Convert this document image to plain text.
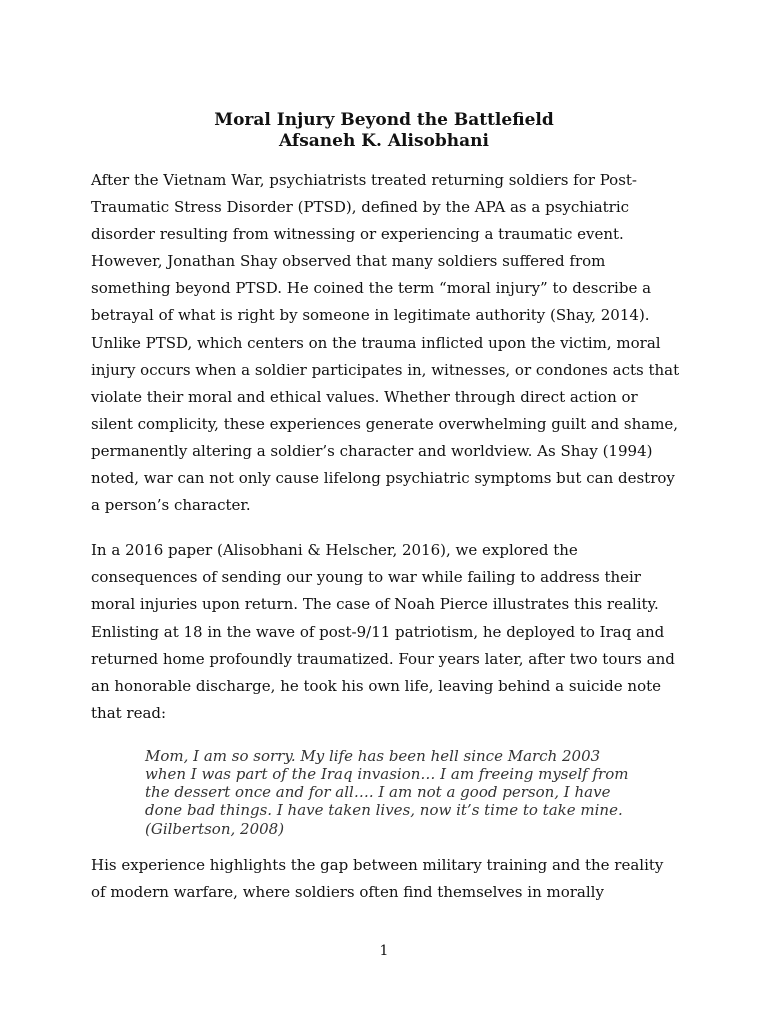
Moral Injury Beyond the Battlefield

Afsaneh K. Alisobhani

After the Vietnam War, psychiatrists treated returning soldiers for Post-Traumatic Stress Disorder (PTSD), defined by the APA as a psychiatric disorder resulting from witnessing or experiencing a traumatic event. However, Jonathan Shay observed that many soldiers suffered from something beyond PTSD. He coined the term “moral injury” to describe a betrayal of what is right by someone in legitimate authority (Shay, 2014). Unlike PTSD, which centers on the trauma inflicted upon the victim, moral injury occurs when a soldier participates in, witnesses, or condones acts that violate their moral and ethical values. Whether through direct action or silent complicity, these experiences generate overwhelming guilt and shame, permanently altering a soldier’s character and worldview. As Shay (1994) noted, war can not only cause lifelong psychiatric symptoms but can destroy a person’s character.

In a 2016 paper (Alisobhani & Helscher, 2016), we explored the consequences of sending our young to war while failing to address their moral injuries upon return. The case of Noah Pierce illustrates this reality. Enlisting at 18 in the wave of post-9/11 patriotism, he deployed to Iraq and returned home profoundly traumatized. Four years later, after two tours and an honorable discharge, he took his own life, leaving behind a suicide note that read:

Mom, I am so sorry. My life has been hell since March 2003 when I was part of the Iraq invasion… I am freeing myself from the dessert once and for all…. I am not a good person, I have done bad things. I have taken lives, now it’s time to take mine. (Gilbertson, 2008)

His experience highlights the gap between military training and the reality of modern warfare, where soldiers often find themselves in morally

1
